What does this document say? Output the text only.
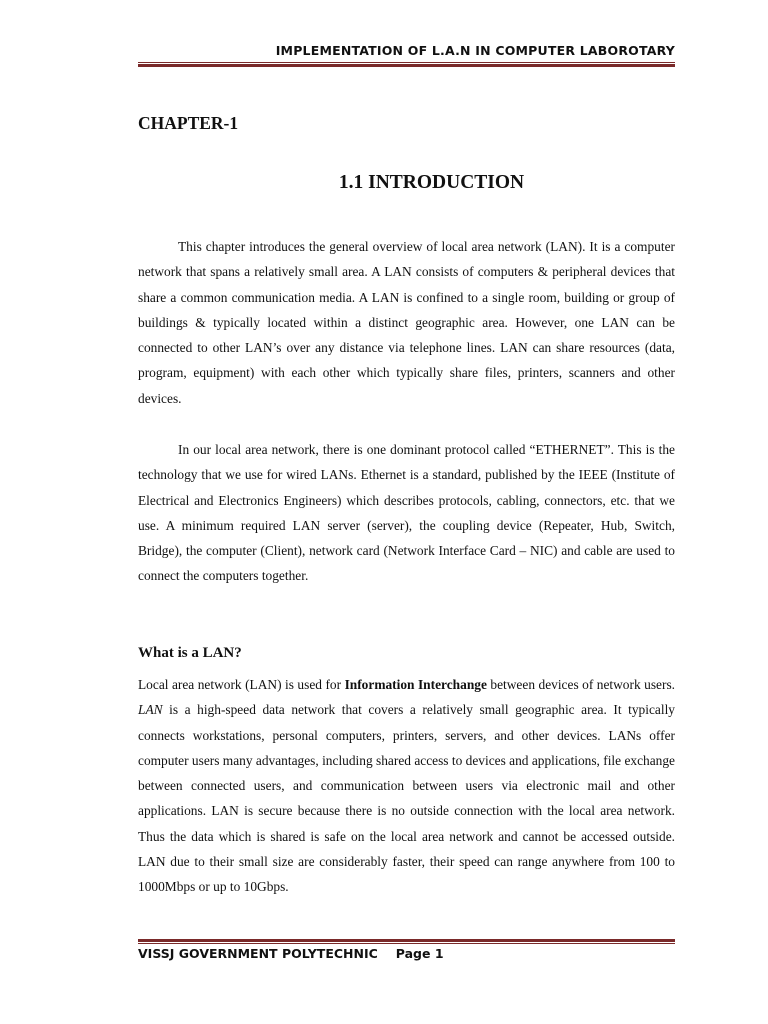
IMPLEMENTATION OF L.A.N IN COMPUTER LABOROTARY
CHAPTER-1
1.1 INTRODUCTION

This chapter introduces the general overview of local area network (LAN). It is a computer network that spans a relatively small area. A LAN consists of computers & peripheral devices that share a common communication media. A LAN is confined to a single room, building or group of buildings & typically located within a distinct geographic area. However, one LAN can be connected to other LAN’s over any distance via telephone lines. LAN can share resources (data, program, equipment) with each other which typically share files, printers, scanners and other devices.

In our local area network, there is one dominant protocol called “ETHERNET”. This is the technology that we use for wired LANs. Ethernet is a standard, published by the IEEE (Institute of Electrical and Electronics Engineers) which describes protocols, cabling, connectors, etc. that we use. A minimum required LAN server (server), the coupling device (Repeater, Hub, Switch, Bridge), the computer (Client), network card (Network Interface Card – NIC) and cable are used to connect the computers together.

What is a LAN?

Local area network (LAN) is used for Information Interchange between devices of network users. LAN is a high-speed data network that covers a relatively small geographic area. It typically connects workstations, personal computers, printers, servers, and other devices. LANs offer computer users many advantages, including shared access to devices and applications, file exchange between connected users, and communication between users via electronic mail and other applications. LAN is secure because there is no outside connection with the local area network. Thus the data which is shared is safe on the local area network and cannot be accessed outside. LAN due to their small size are considerably faster, their speed can range anywhere from 100 to 1000Mbps or up to 10Gbps.

VISSJ GOVERNMENT POLYTECHNIC Page 1
